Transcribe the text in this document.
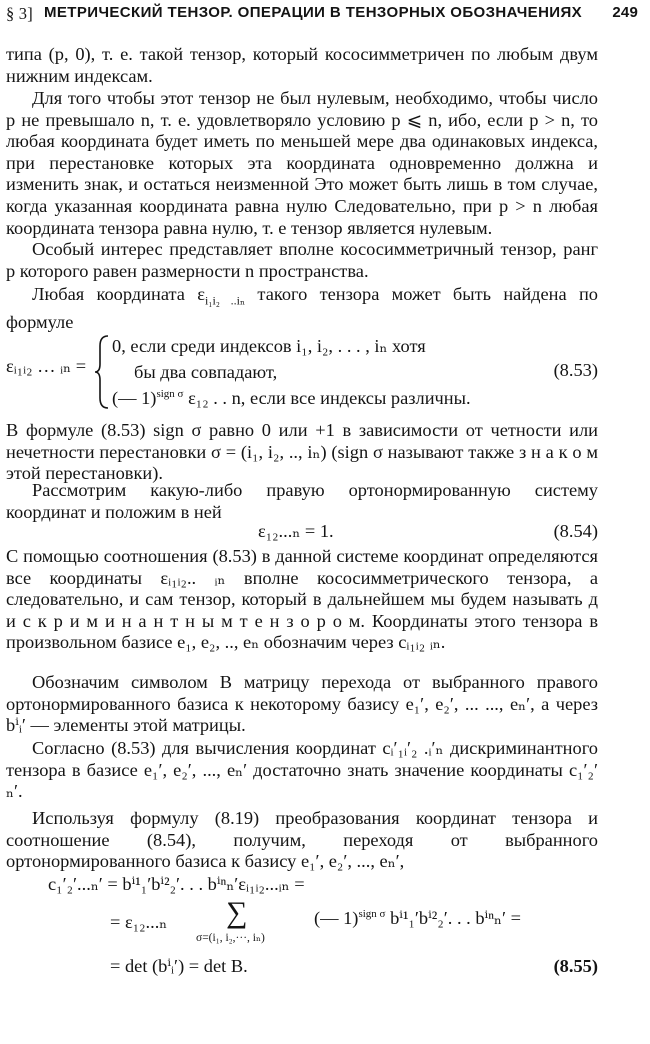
§ 3] МЕТРИЧЕСКИЙ ТЕНЗОР. ОПЕРАЦИИ В ТЕНЗОРНЫХ ОБОЗНАЧЕНИЯХ 249
типа (p, 0), т. е. такой тензор, который кососимметричен по любым двум нижним индексам.
Для того чтобы этот тензор не был нулевым, необходимо, чтобы число p не превышало n, т. е. удовлетворяло условию p ⩽ n, ибо, если p > n, то любая координата будет иметь по меньшей мере два одинаковых индекса, при перестановке которых эта координата одновременно должна и изменить знак, и остаться неизменной Это может быть лишь в том случае, когда указанная координата равна нулю Следовательно, при p > n любая координата тензора равна нулю, т. е тензор является нулевым.
Особый интерес представляет вполне кососимметричный тензор, ранг p которого равен размерности n пространства.
Любая координата $\varepsilon_{i_1i_2 ..i_n}$ такого тензора может быть найдена по формуле
εᵢ₁ᵢ₂ … ᵢₙ =
0, если среди индексов i₁, i₂, . . . , iₙ хотя
бы два совпадают,
(— 1)$^{sign \sigma}$ ε₁₂ . . n, если все индексы различны.
(8.53)
В формуле (8.53) sign σ равно 0 или +1 в зависимости от четности или нечетности перестановки σ = (i₁, i₂, .., iₙ) (sign σ называют также з н а к о м этой перестановки).
Рассмотрим какую-либо правую ортонормированную систему координат и положим в ней
ε₁₂...ₙ = 1.	(8.54)
С помощью соотношения (8.53) в данной системе координат определяются все координаты εᵢ₁ᵢ₂.. ᵢₙ вполне кососимметрического тензора, а следовательно, и сам тензор, который в дальнейшем мы будем называть д и с к р и м и н а н т н ы м т е н з о р о м. Координаты этого тензора в произвольном базисе e₁, e₂, .., eₙ обозначим через cᵢ₁ᵢ₂ ᵢₙ.
Обозначим символом B матрицу перехода от выбранного правого ортонормированного базиса к некоторому базису e₁′, e₂′, ... ..., eₙ′, а через bⁱᵢ′ — элементы этой матрицы.
Согласно (8.53) для вычисления координат cᵢ′₁ᵢ′₂ .ᵢ′ₙ дискриминантного тензора в базисе e₁′, e₂′, ..., eₙ′ достаточно знать значение координаты c₁′₂′ ₙ′.
Используя формулу (8.19) преобразования координат тензора и соотношение (8.54), получим, переходя от выбранного ортонормированного базиса к базису e₁′, e₂′, ..., eₙ′,
c₁′₂′...ₙ′ = bⁱ¹₁′bⁱ²₂′. . . bⁱⁿₙ′εᵢ₁ᵢ₂...ᵢₙ =
= ε₁₂...ₙ ∑
σ=(i₁, i₂,···, iₙ)
(— 1)$^{sign \sigma}$ bⁱ¹₁′bⁱ²₂′. . . bⁱⁿₙ′ =
= det (bⁱᵢ′) = det B.	(8.55)
